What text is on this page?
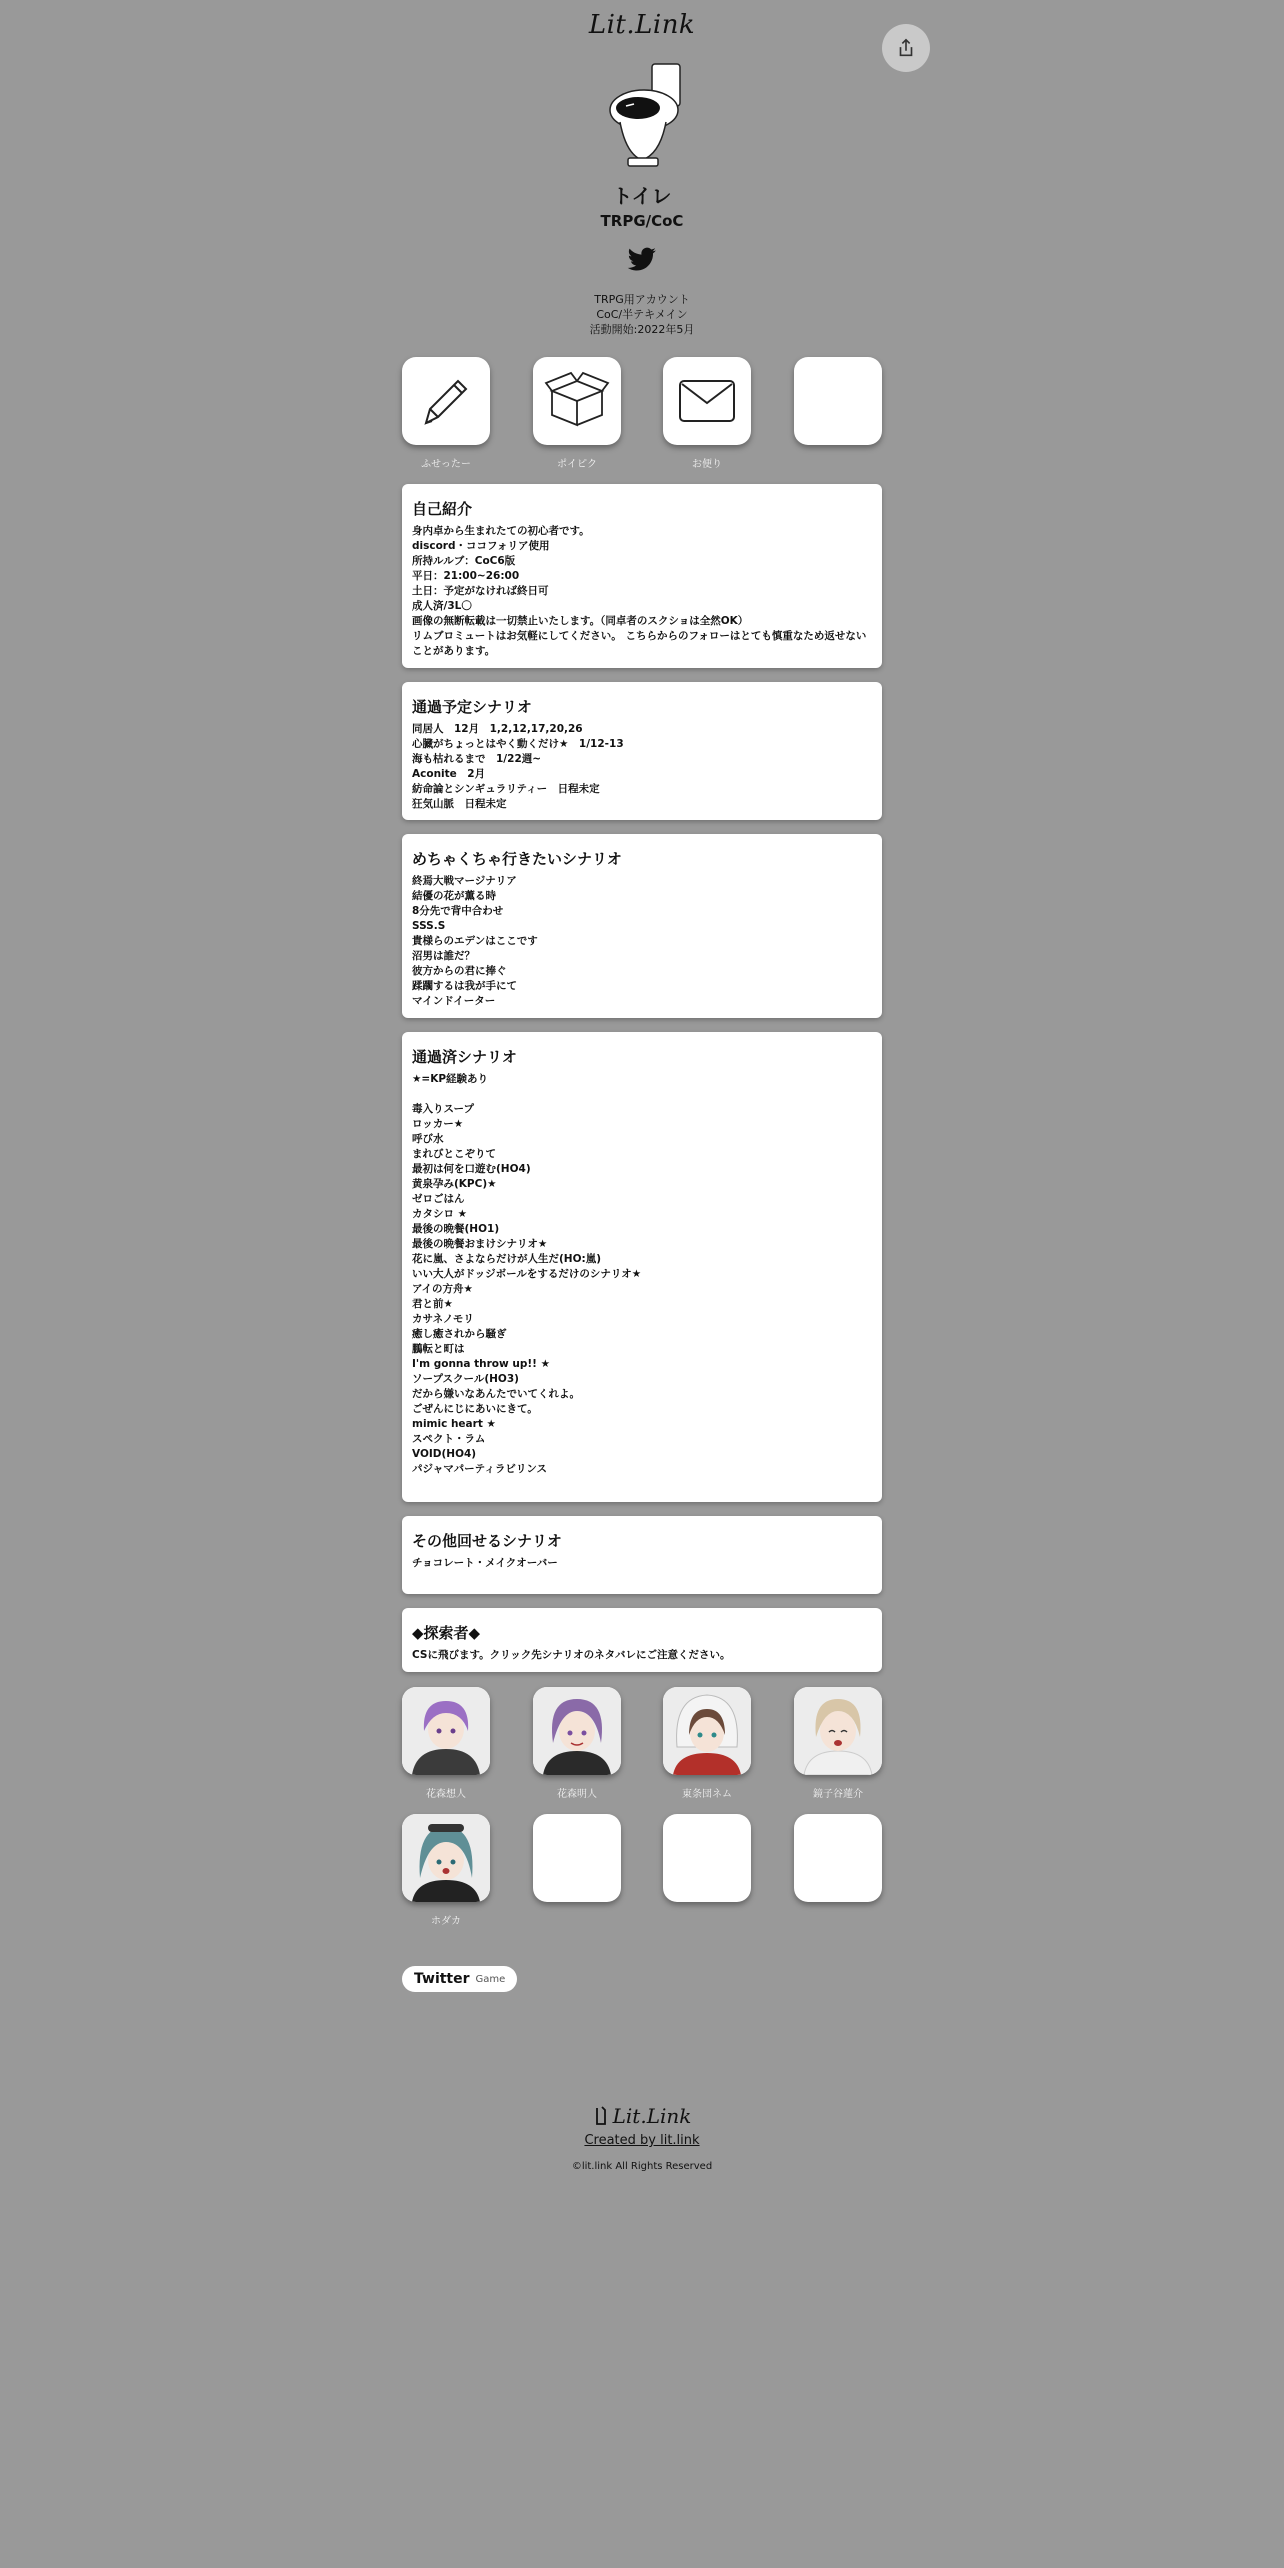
Lit.Link
トイレ
TRPG/CoC
TRPG用アカウント
CoC/半テキメイン
活動開始:2022年5月
ふせったー	ポイピク	お便り
自己紹介
身内卓から生まれたての初心者です。
discord・ココフォリア使用
所持ルルブ：CoC6版
平日：21:00~26:00
土日：予定がなければ終日可
成人済/3L〇
画像の無断転載は一切禁止いたします。（同卓者のスクショは全然OK）
リムブロミュートはお気軽にしてください。 こちらからのフォローはとても慎重なため返せないことがあります。
通過予定シナリオ
同居人　12月　1,2,12,17,20,26
心臓がちょっとはやく動くだけ★　1/12-13
海も枯れるまで　1/22週~
Aconite　2月
紡命論とシンギュラリティー　日程未定
狂気山脈　日程未定
めちゃくちゃ行きたいシナリオ
終焉大戦マージナリア
結優の花が薫る時
8分先で背中合わせ
SSS.S
貴様らのエデンはここです
沼男は誰だ？
彼方からの君に捧ぐ
蹂躙するは我が手にて
マインドイーター
通過済シナリオ
★=KP経験あり

毒入りスープ
ロッカー★
呼び水
まれびとこぞりて
最初は何を口遊む(HO4)
黄泉孕み(KPC)★
ゼロごはん
カタシロ ★
最後の晩餐(HO1)
最後の晩餐おまけシナリオ★
花に嵐、さよならだけが人生だ(HO:嵐)
いい大人がドッジボールをするだけのシナリオ★
アイの方舟★
君と前★
カサネノモリ
癒し癒されから騒ぎ
鵬転と町は
I'm gonna throw up!! ★
ソープスクール(HO3)
だから嫌いなあんたでいてくれよ。
ごぜんにじにあいにきて。
mimic heart ★
スペクト・ラム
VOID(HO4)
パジャマパーティラビリンス
その他回せるシナリオ
チョコレート・メイクオーバー
◆探索者◆
CSに飛びます。クリック先シナリオのネタバレにご注意ください。
花森想人	花森明人	東条団ネム	鏡子谷蓮介
ホダカ
Twitter Game
Lit.Link
Created by lit.link
©lit.link All Rights Reserved
